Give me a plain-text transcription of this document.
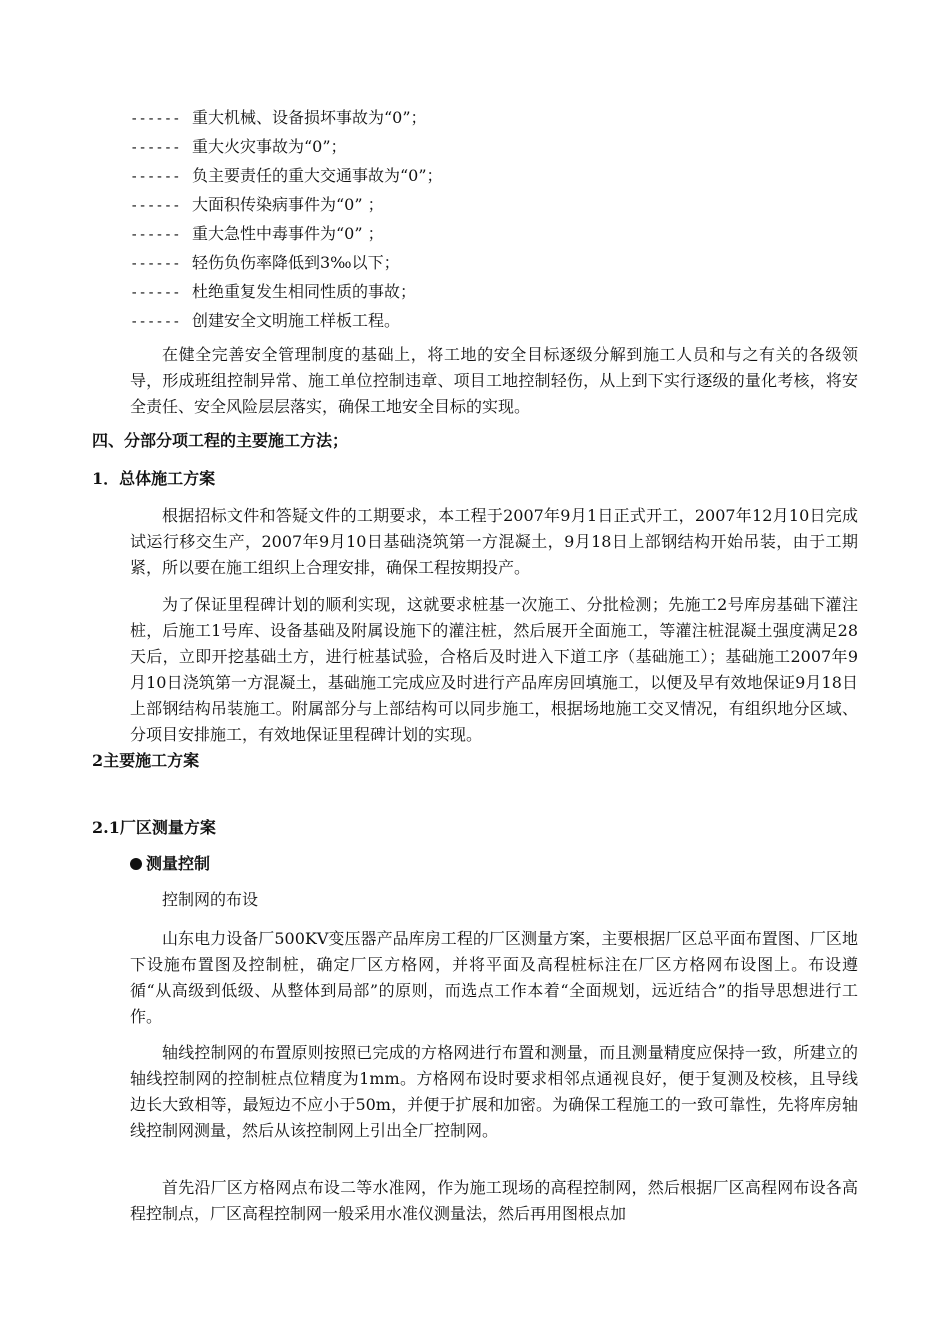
------ 重大机械、设备损坏事故为“0”；
------ 重大火灾事故为“0”；
------ 负主要责任的重大交通事故为“0”；
------ 大面积传染病事件为“0” ；
------ 重大急性中毒事件为“0” ；
------ 轻伤负伤率降低到3‰以下；
------ 杜绝重复发生相同性质的事故；
------ 创建安全文明施工样板工程。

在健全完善安全管理制度的基础上，将工地的安全目标逐级分解到施工人员和与之有关的各级领导，形成班组控制异常、施工单位控制违章、项目工地控制轻伤，从上到下实行逐级的量化考核，将安全责任、安全风险层层落实，确保工地安全目标的实现。

四、分部分项工程的主要施工方法；

1．总体施工方案

根据招标文件和答疑文件的工期要求，本工程于2007年9月1日正式开工，2007年12月10日完成试运行移交生产，2007年9月10日基础浇筑第一方混凝土，9月18日上部钢结构开始吊装，由于工期紧，所以要在施工组织上合理安排，确保工程按期投产。

为了保证里程碑计划的顺利实现，这就要求桩基一次施工、分批检测；先施工2号库房基础下灌注桩，后施工1号库、设备基础及附属设施下的灌注桩，然后展开全面施工，等灌注桩混凝土强度满足28天后，立即开挖基础土方，进行桩基试验，合格后及时进入下道工序（基础施工）；基础施工2007年9月10日浇筑第一方混凝土，基础施工完成应及时进行产品库房回填施工，以便及早有效地保证9月18日上部钢结构吊装施工。附属部分与上部结构可以同步施工，根据场地施工交叉情况，有组织地分区域、分项目安排施工，有效地保证里程碑计划的实现。

2主要施工方案

2.1厂区测量方案

测量控制

控制网的布设

山东电力设备厂500KV变压器产品库房工程的厂区测量方案，主要根据厂区总平面布置图、厂区地下设施布置图及控制桩，确定厂区方格网，并将平面及高程桩标注在厂区方格网布设图上。布设遵循“从高级到低级、从整体到局部”的原则，而选点工作本着“全面规划，远近结合”的指导思想进行工作。

轴线控制网的布置原则按照已完成的方格网进行布置和测量，而且测量精度应保持一致，所建立的轴线控制网的控制桩点位精度为1mm。方格网布设时要求相邻点通视良好，便于复测及校核，且导线边长大致相等，最短边不应小于50m，并便于扩展和加密。为确保工程施工的一致可靠性，先将库房轴线控制网测量，然后从该控制网上引出全厂控制网。

首先沿厂区方格网点布设二等水准网，作为施工现场的高程控制网，然后根据厂区高程网布设各高程控制点，厂区高程控制网一般采用水准仪测量法，然后再用图根点加
